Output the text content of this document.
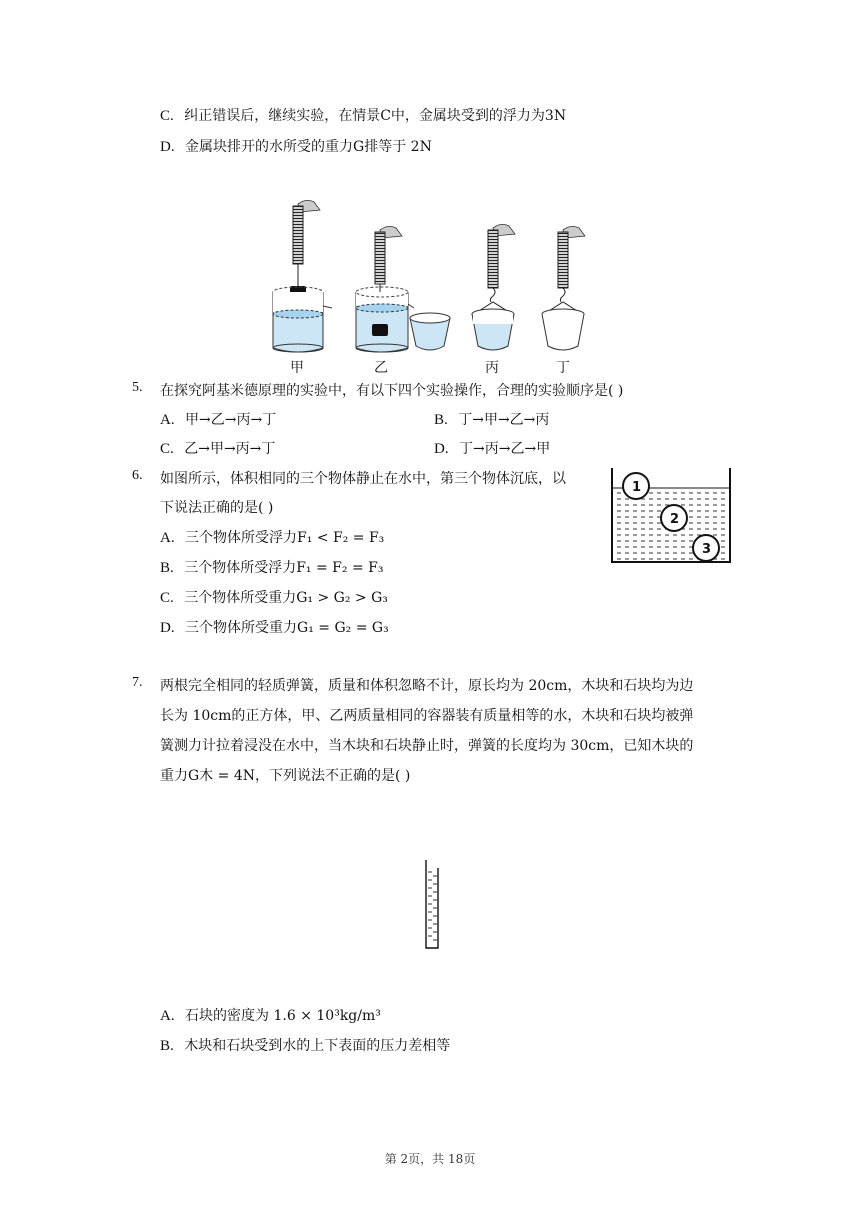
C. 纠正错误后，继续实验，在情景C中，金属块受到的浮力为3N
D. 金属块排开的水所受的重力G排等于 2N
甲	乙	丙	丁
5. 在探究阿基米德原理的实验中，有以下四个实验操作，合理的实验顺序是( )
A. 甲→乙→丙→丁	B. 丁→甲→乙→丙
C. 乙→甲→丙→丁	D. 丁→丙→乙→甲
6. 如图所示，体积相同的三个物体静止在水中，第三个物体沉底，以
下说法正确的是( )
A. 三个物体所受浮力F₁ < F₂ = F₃
B. 三个物体所受浮力F₁ = F₂ = F₃
C. 三个物体所受重力G₁ > G₂ > G₃
D. 三个物体所受重力G₁ = G₂ = G₃
1
2
3
7. 两根完全相同的轻质弹簧，质量和体积忽略不计，原长均为 20cm，木块和石块均为边
长为 10cm的正方体，甲、乙两质量相同的容器装有质量相等的水，木块和石块均被弹
簧测力计拉着浸没在水中，当木块和石块静止时，弹簧的长度均为 30cm，已知木块的
重力G木 = 4N，下列说法不正确的是( )
A. 石块的密度为 1.6 × 10³kg/m³
B. 木块和石块受到水的上下表面的压力差相等
第 2页，共 18页
